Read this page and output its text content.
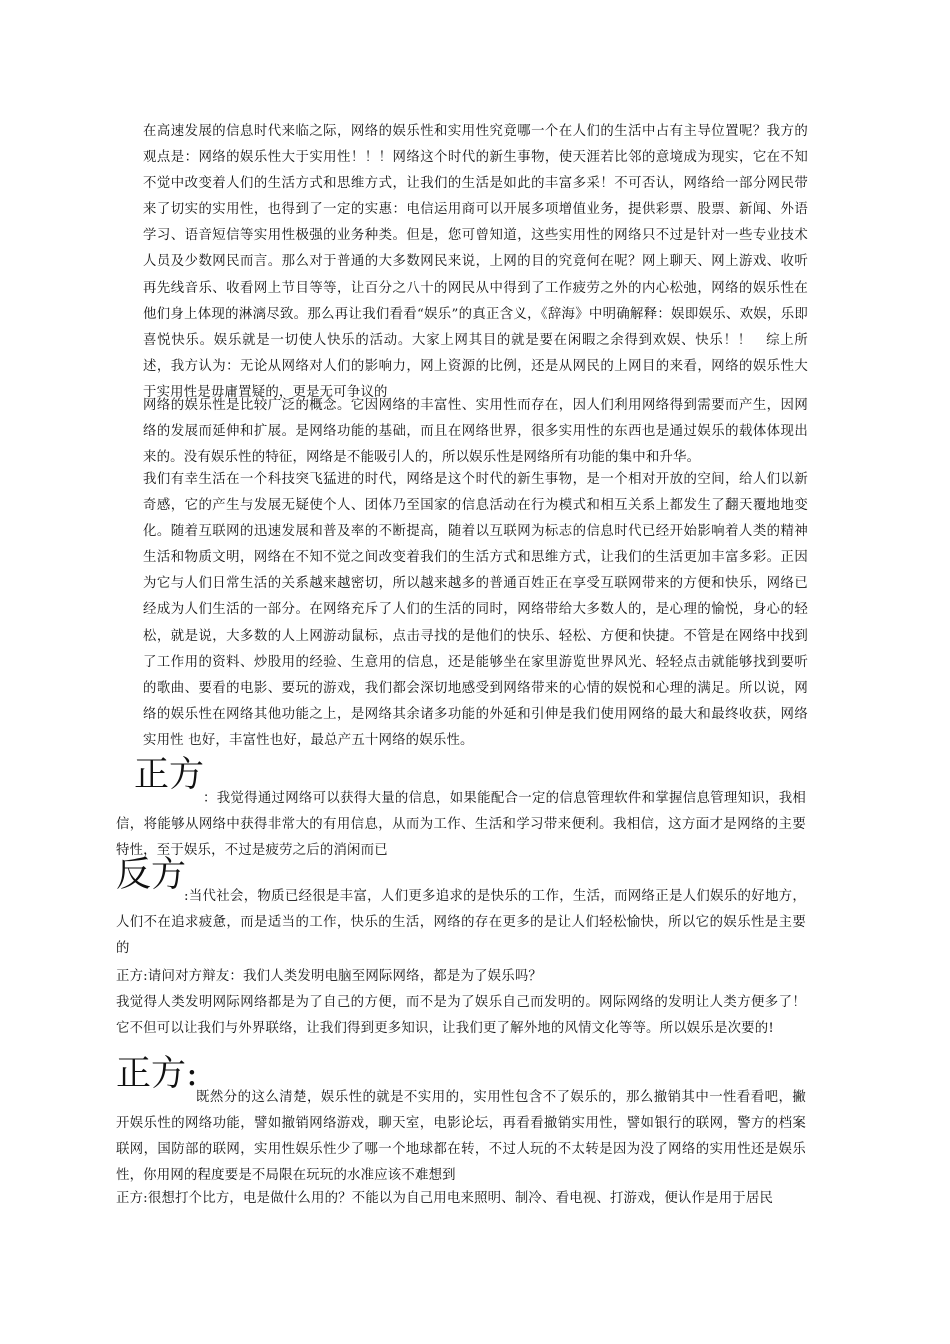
在高速发展的信息时代来临之际，网络的娱乐性和实用性究竟哪一个在人们的生活中占有主导位置呢？我方的观点是：网络的娱乐性大于实用性！！！网络这个时代的新生事物，使天涯若比邻的意境成为现实，它在不知不觉中改变着人们的生活方式和思维方式，让我们的生活是如此的丰富多采！不可否认，网络给一部分网民带来了切实的实用性，也得到了一定的实惠：电信运用商可以开展多项增值业务，提供彩票、股票、新闻、外语学习、语音短信等实用性极强的业务种类。但是，您可曾知道，这些实用性的网络只不过是针对一些专业技术人员及少数网民而言。那么对于普通的大多数网民来说，上网的目的究竟何在呢？网上聊天、网上游戏、收听再先线音乐、收看网上节目等等，让百分之八十的网民从中得到了工作疲劳之外的内心松弛，网络的娱乐性在他们身上体现的淋漓尽致。那么再让我们看看“娱乐”的真正含义，《辞海》中明确解释：娱即娱乐、欢娱，乐即喜悦快乐。娱乐就是一切使人快乐的活动。大家上网其目的就是要在闲暇之余得到欢娱、快乐！！　综上所述，我方认为：无论从网络对人们的影响力，网上资源的比例，还是从网民的上网目的来看，网络的娱乐性大于实用性是毋庸置疑的，更是无可争议的

网络的娱乐性是比较广泛的概念。它因网络的丰富性、实用性而存在，因人们利用网络得到需要而产生，因网络的发展而延伸和扩展。是网络功能的基础，而且在网络世界，很多实用性的东西也是通过娱乐的载体体现出来的。没有娱乐性的特征，网络是不能吸引人的，所以娱乐性是网络所有功能的集中和升华。

我们有幸生活在一个科技突飞猛进的时代，网络是这个时代的新生事物，是一个相对开放的空间，给人们以新奇感，它的产生与发展无疑使个人、团体乃至国家的信息活动在行为模式和相互关系上都发生了翻天覆地地变化。随着互联网的迅速发展和普及率的不断提高，随着以互联网为标志的信息时代已经开始影响着人类的精神生活和物质文明，网络在不知不觉之间改变着我们的生活方式和思维方式，让我们的生活更加丰富多彩。正因为它与人们日常生活的关系越来越密切，所以越来越多的普通百姓正在享受互联网带来的方便和快乐，网络已经成为人们生活的一部分。在网络充斥了人们的生活的同时，网络带给大多数人的，是心理的愉悦，身心的轻松，就是说，大多数的人上网游动鼠标，点击寻找的是他们的快乐、轻松、方便和快捷。不管是在网络中找到了工作用的资料、炒股用的经验、生意用的信息，还是能够坐在家里游览世界风光、轻轻点击就能够找到要听的歌曲、要看的电影、要玩的游戏，我们都会深切地感受到网络带来的心情的娱悦和心理的满足。所以说，网络的娱乐性在网络其他功能之上，是网络其余诸多功能的外延和引伸是我们使用网络的最大和最终收获，网络实用性 也好，丰富性也好，最总产五十网络的娱乐性。

正方

：我觉得通过网络可以获得大量的信息，如果能配合一定的信息管理软件和掌握信息管理知识，我相信，将能够从网络中获得非常大的有用信息，从而为工作、生活和学习带来便利。我相信，这方面才是网络的主要特性，至于娱乐，不过是疲劳之后的消闲而已

反方

:当代社会，物质已经很是丰富，人们更多追求的是快乐的工作，生活，而网络正是人们娱乐的好地方，人们不在追求疲惫，而是适当的工作，快乐的生活，网络的存在更多的是让人们轻松愉快，所以它的娱乐性是主要的

正方:请问对方辩友：我们人类发明电脑至网际网络，都是为了娱乐吗？

我觉得人类发明网际网络都是为了自己的方便，而不是为了娱乐自己而发明的。网际网络的发明让人类方便多了！它不但可以让我们与外界联络，让我们得到更多知识，让我们更了解外地的风情文化等等。所以娱乐是次要的!

正方:

既然分的这么清楚，娱乐性的就是不实用的，实用性包含不了娱乐的，那么撤销其中一性看看吧，撇开娱乐性的网络功能，譬如撤销网络游戏，聊天室，电影论坛，再看看撤销实用性，譬如银行的联网，警方的档案联网，国防部的联网，实用性娱乐性少了哪一个地球都在转，不过人玩的不太转是因为没了网络的实用性还是娱乐性，你用网的程度要是不局限在玩玩的水准应该不难想到

正方:很想打个比方，电是做什么用的？不能以为自己用电来照明、制冷、看电视、打游戏，便认作是用于居民
